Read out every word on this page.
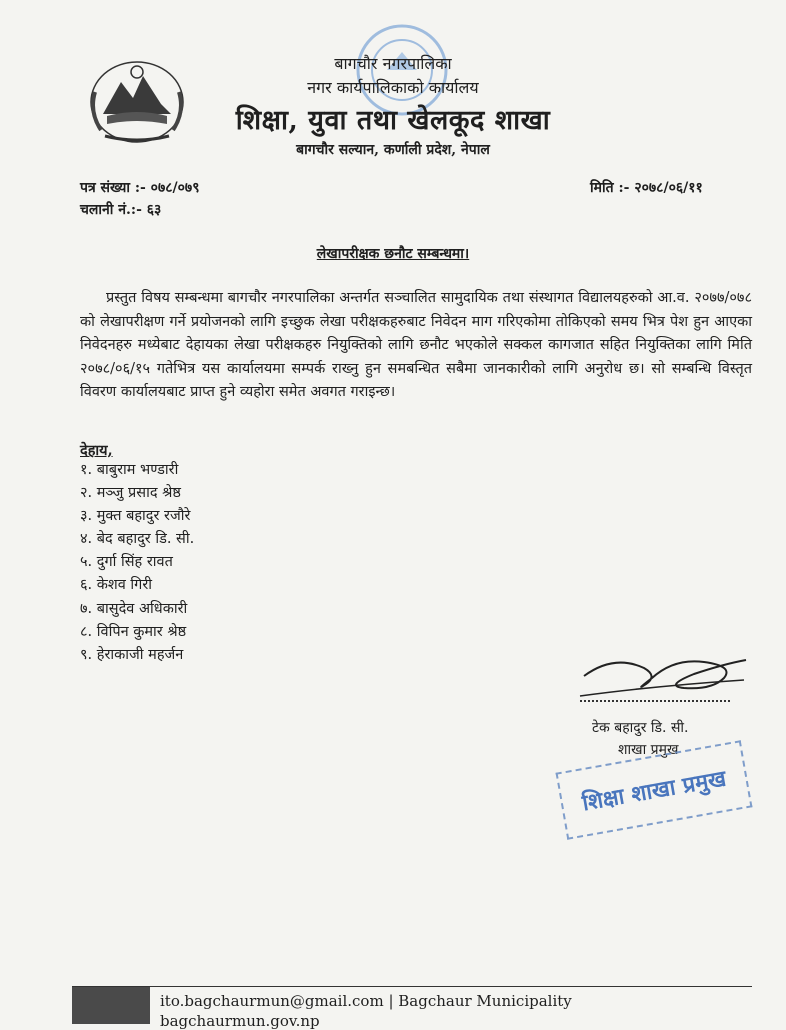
बागचौर नगरपालिका
नगर कार्यपालिकाको कार्यालय
शिक्षा, युवा तथा खेलकूद शाखा
बागचौर सल्यान, कर्णाली प्रदेश, नेपाल
पत्र संख्या :- ०७८/०७९
चलानी नं.:- ६३
मिति :- २०७८/०६/११
लेखापरीक्षक छनौट सम्बन्धमा।
प्रस्तुत विषय सम्बन्धमा बागचौर नगरपालिका अन्तर्गत सञ्चालित सामुदायिक तथा संस्थागत विद्यालयहरुको आ.व. २०७७/०७८ को लेखापरीक्षण गर्ने प्रयोजनको लागि इच्छुक लेखा परीक्षकहरुबाट निवेदन माग गरिएकोमा तोकिएको समय भित्र पेश हुन आएका निवेदनहरु मध्येबाट देहायका लेखा परीक्षकहरु नियुक्तिको लागि छनौट भएकोले सक्कल कागजात सहित नियुक्तिका लागि मिति २०७८/०६/१५ गतेभित्र यस कार्यालयमा सम्पर्क राख्नु हुन समबन्धित सबैमा जानकारीको लागि अनुरोध छ। सो सम्बन्धि विस्तृत विवरण कार्यालयबाट प्राप्त हुने व्यहोरा समेत अवगत गराइन्छ।
देहाय,
१. बाबुराम भण्डारी
२. मञ्जु प्रसाद श्रेष्ठ
३. मुक्त बहादुर रजौरे
४. बेद बहादुर डि. सी.
५. दुर्गा सिंह रावत
६. केशव गिरी
७. बासुदेव अधिकारी
८. विपिन कुमार श्रेष्ठ
९. हेराकाजी महर्जन
टेक बहादुर डि. सी.
शाखा प्रमुख
शिक्षा शाखा प्रमुख
ito.bagchaurmun@gmail.com | Bagchaur Municipality
bagchaurmun.gov.np
